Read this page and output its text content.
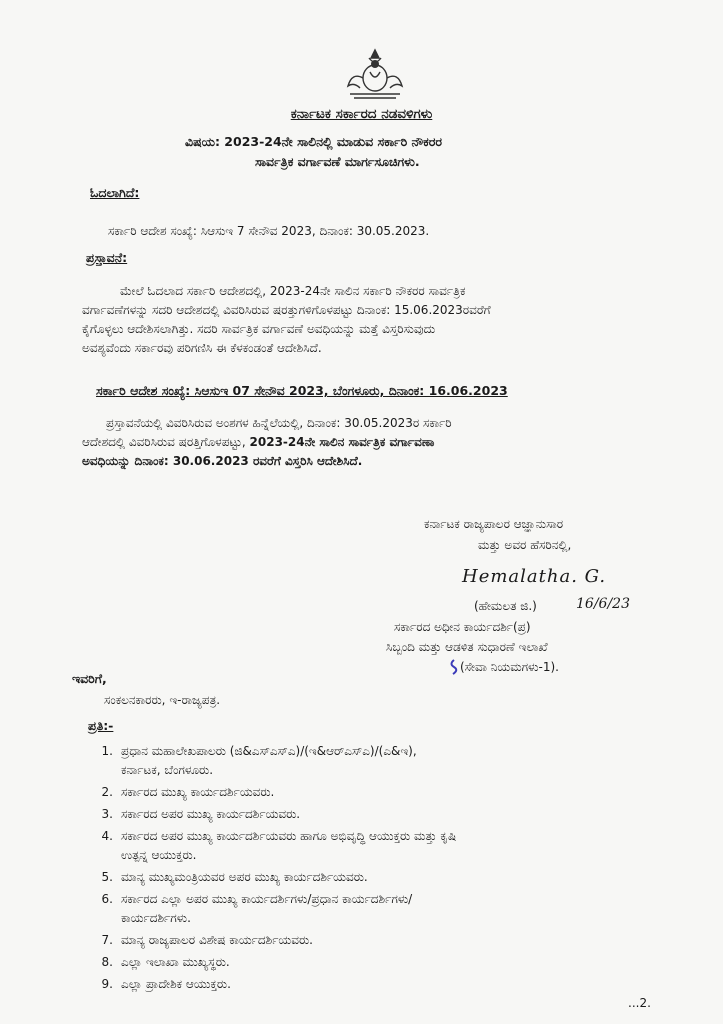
ಕರ್ನಾಟಕ ಸರ್ಕಾರದ ನಡವಳಿಗಳು
ವಿಷಯ: 2023-24ನೇ ಸಾಲಿನಲ್ಲಿ ಮಾಡುವ ಸರ್ಕಾರಿ ನೌಕರರ
ಸಾರ್ವತ್ರಿಕ ವರ್ಗಾವಣೆ ಮಾರ್ಗಸೂಚಿಗಳು.
ಓದಲಾಗಿದೆ:
ಸರ್ಕಾರಿ ಆದೇಶ ಸಂಖ್ಯೆ: ಸಿಆಸುಇ 7 ಸೇನೌವ 2023, ದಿನಾಂಕ: 30.05.2023.
ಪ್ರಸ್ತಾವನೆ:
ಮೇಲೆ ಓದಲಾದ ಸರ್ಕಾರಿ ಆದೇಶದಲ್ಲಿ, 2023-24ನೇ ಸಾಲಿನ ಸರ್ಕಾರಿ ನೌಕರರ ಸಾರ್ವತ್ರಿಕ
ವರ್ಗಾವಣೆಗಳನ್ನು ಸದರಿ ಆದೇಶದಲ್ಲಿ ವಿವರಿಸಿರುವ ಷರತ್ತುಗಳಿಗೊಳಪಟ್ಟು ದಿನಾಂಕ: 15.06.2023ರವರೆಗೆ
ಕೈಗೊಳ್ಳಲು ಆದೇಶಿಸಲಾಗಿತ್ತು. ಸದರಿ ಸಾರ್ವತ್ರಿಕ ವರ್ಗಾವಣೆ ಅವಧಿಯನ್ನು ಮತ್ತೆ ವಿಸ್ತರಿಸುವುದು
ಅವಶ್ಯವೆಂದು ಸರ್ಕಾರವು ಪರಿಗಣಿಸಿ ಈ ಕೆಳಕಂಡಂತೆ ಆದೇಶಿಸಿದೆ.
ಸರ್ಕಾರಿ ಆದೇಶ ಸಂಖ್ಯೆ: ಸಿಆಸುಇ 07 ಸೇನೌವ 2023, ಬೆಂಗಳೂರು, ದಿನಾಂಕ: 16.06.2023
ಪ್ರಸ್ತಾವನೆಯಲ್ಲಿ ವಿವರಿಸಿರುವ ಅಂಶಗಳ ಹಿನ್ನೆಲೆಯಲ್ಲಿ, ದಿನಾಂಕ: 30.05.2023ರ ಸರ್ಕಾರಿ
ಆದೇಶದಲ್ಲಿ ವಿವರಿಸಿರುವ ಷರತ್ತಿಗೊಳಪಟ್ಟು, 2023-24ನೇ ಸಾಲಿನ ಸಾರ್ವತ್ರಿಕ ವರ್ಗಾವಣಾ
ಅವಧಿಯನ್ನು ದಿನಾಂಕ: 30.06.2023 ರವರೆಗೆ ವಿಸ್ತರಿಸಿ ಆದೇಶಿಸಿದೆ.
ಕರ್ನಾಟಕ ರಾಜ್ಯಪಾಲರ ಆಜ್ಞಾನುಸಾರ
ಮತ್ತು ಅವರ ಹೆಸರಿನಲ್ಲಿ,
Hemalatha. G.
(ಹೇಮಲತ ಜಿ.)	16/6/23
ಸರ್ಕಾರದ ಅಧೀನ ಕಾರ್ಯದರ್ಶಿ(ಪ್ರ)
ಸಿಬ್ಬಂದಿ ಮತ್ತು ಆಡಳಿತ ಸುಧಾರಣೆ ಇಲಾಖೆ
(ಸೇವಾ ನಿಯಮಗಳು-1).
ಇವರಿಗೆ,
ಸಂಕಲನಕಾರರು, ಇ-ರಾಜ್ಯಪತ್ರ.
ಪ್ರತಿ:-
1. ಪ್ರಧಾನ ಮಹಾಲೇಖಪಾಲರು (ಜಿ&ಎಸ್‌ಎಸ್‌ಎ)/(ಇ&ಆರ್‌ಎಸ್‌ಎ)/(ಎ&ಇ),
ಕರ್ನಾಟಕ, ಬೆಂಗಳೂರು.
2. ಸರ್ಕಾರದ ಮುಖ್ಯ ಕಾರ್ಯದರ್ಶಿಯವರು.
3. ಸರ್ಕಾರದ ಅಪರ ಮುಖ್ಯ ಕಾರ್ಯದರ್ಶಿಯವರು.
4. ಸರ್ಕಾರದ ಅಪರ ಮುಖ್ಯ ಕಾರ್ಯದರ್ಶಿಯವರು ಹಾಗೂ ಅಭಿವೃದ್ಧಿ ಆಯುಕ್ತರು ಮತ್ತು ಕೃಷಿ
ಉತ್ಪನ್ನ ಆಯುಕ್ತರು.
5. ಮಾನ್ಯ ಮುಖ್ಯಮಂತ್ರಿಯವರ ಅಪರ ಮುಖ್ಯ ಕಾರ್ಯದರ್ಶಿಯವರು.
6. ಸರ್ಕಾರದ ಎಲ್ಲಾ ಅಪರ ಮುಖ್ಯ ಕಾರ್ಯದರ್ಶಿಗಳು/ಪ್ರಧಾನ ಕಾರ್ಯದರ್ಶಿಗಳು/
ಕಾರ್ಯದರ್ಶಿಗಳು.
7. ಮಾನ್ಯ ರಾಜ್ಯಪಾಲರ ವಿಶೇಷ ಕಾರ್ಯದರ್ಶಿಯವರು.
8. ಎಲ್ಲಾ ಇಲಾಖಾ ಮುಖ್ಯಸ್ಥರು.
9. ಎಲ್ಲಾ ಪ್ರಾದೇಶಿಕ ಆಯುಕ್ತರು.
...2.
